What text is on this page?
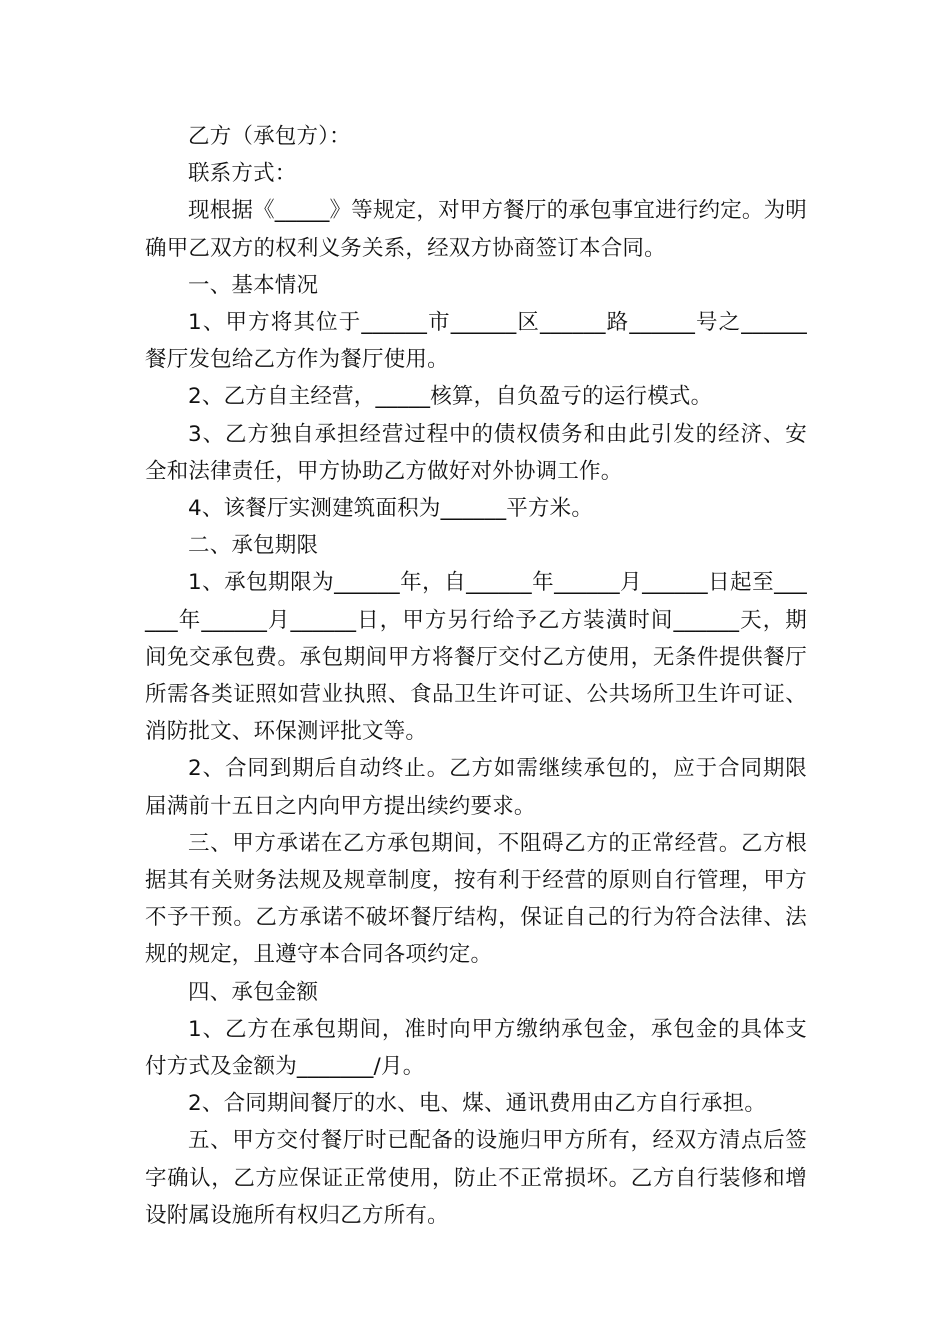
乙方（承包方）：

联系方式：

现根据《_____》等规定，对甲方餐厅的承包事宜进行约定。为明确甲乙双方的权利义务关系，经双方协商签订本合同。

一、基本情况

1、甲方将其位于______市______区______路______号之______餐厅发包给乙方作为餐厅使用。

2、乙方自主经营，_____核算，自负盈亏的运行模式。

3、乙方独自承担经营过程中的债权债务和由此引发的经济、安全和法律责任，甲方协助乙方做好对外协调工作。

4、该餐厅实测建筑面积为______平方米。

二、承包期限

1、承包期限为______年，自______年______月______日起至______年______月______日，甲方另行给予乙方装潢时间______天，期间免交承包费。承包期间甲方将餐厅交付乙方使用，无条件提供餐厅所需各类证照如营业执照、食品卫生许可证、公共场所卫生许可证、消防批文、环保测评批文等。

2、合同到期后自动终止。乙方如需继续承包的，应于合同期限届满前十五日之内向甲方提出续约要求。

三、甲方承诺在乙方承包期间，不阻碍乙方的正常经营。乙方根据其有关财务法规及规章制度，按有利于经营的原则自行管理，甲方不予干预。乙方承诺不破坏餐厅结构，保证自己的行为符合法律、法规的规定，且遵守本合同各项约定。

四、承包金额

1、乙方在承包期间，准时向甲方缴纳承包金，承包金的具体支付方式及金额为_______/月。

2、合同期间餐厅的水、电、煤、通讯费用由乙方自行承担。

五、甲方交付餐厅时已配备的设施归甲方所有，经双方清点后签字确认，乙方应保证正常使用，防止不正常损坏。乙方自行装修和增设附属设施所有权归乙方所有。
